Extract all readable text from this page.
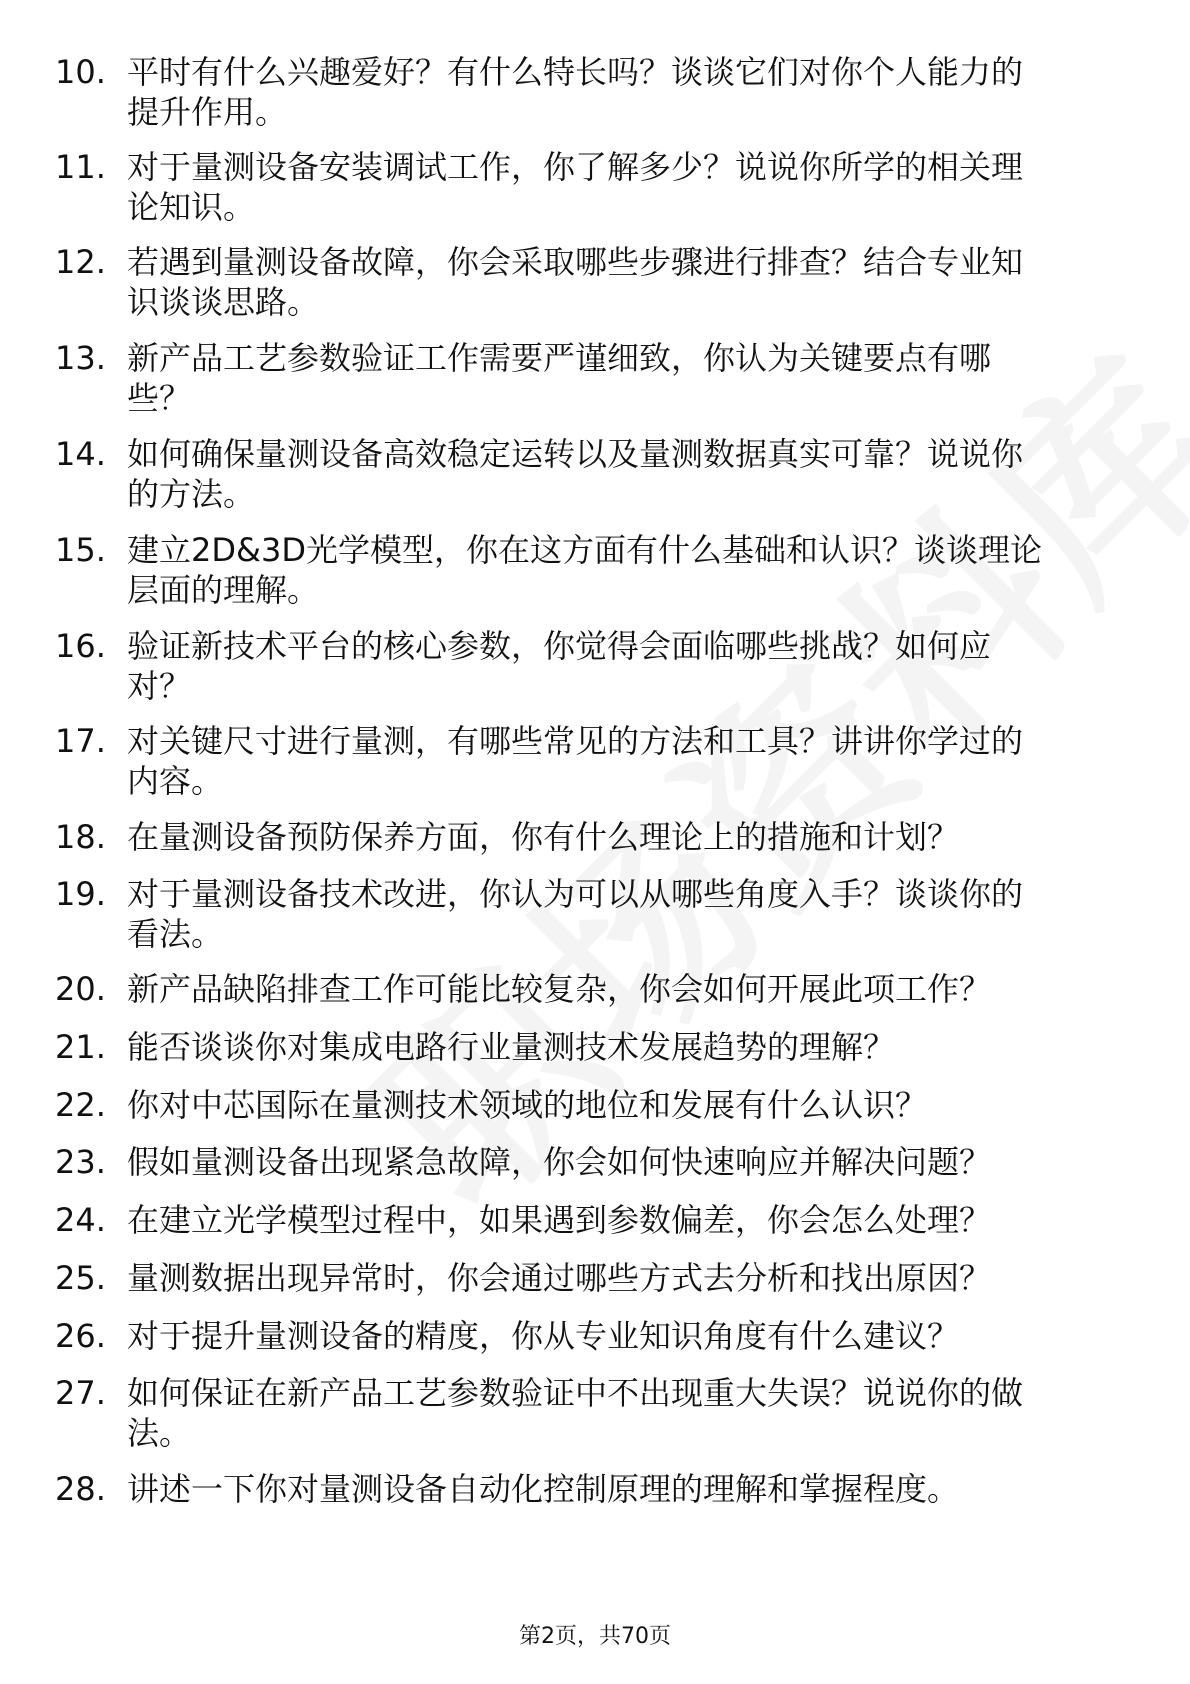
10. 平时有什么兴趣爱好？有什么特长吗？谈谈它们对你个人能力的
提升作用。
11. 对于量测设备安装调试工作，你了解多少？说说你所学的相关理
论知识。
12. 若遇到量测设备故障，你会采取哪些步骤进行排查？结合专业知
识谈谈思路。
13. 新产品工艺参数验证工作需要严谨细致，你认为关键要点有哪
些？
14. 如何确保量测设备高效稳定运转以及量测数据真实可靠？说说你
的方法。
15. 建立2D&3D光学模型，你在这方面有什么基础和认识？谈谈理论
层面的理解。
16. 验证新技术平台的核心参数，你觉得会面临哪些挑战？如何应
对？
17. 对关键尺寸进行量测，有哪些常见的方法和工具？讲讲你学过的
内容。
18. 在量测设备预防保养方面，你有什么理论上的措施和计划？
19. 对于量测设备技术改进，你认为可以从哪些角度入手？谈谈你的
看法。
20. 新产品缺陷排查工作可能比较复杂，你会如何开展此项工作？
21. 能否谈谈你对集成电路行业量测技术发展趋势的理解？
22. 你对中芯国际在量测技术领域的地位和发展有什么认识？
23. 假如量测设备出现紧急故障，你会如何快速响应并解决问题？
24. 在建立光学模型过程中，如果遇到参数偏差，你会怎么处理？
25. 量测数据出现异常时，你会通过哪些方式去分析和找出原因？
26. 对于提升量测设备的精度，你从专业知识角度有什么建议？
27. 如何保证在新产品工艺参数验证中不出现重大失误？说说你的做
法。
28. 讲述一下你对量测设备自动化控制原理的理解和掌握程度。
第2页，共70页
